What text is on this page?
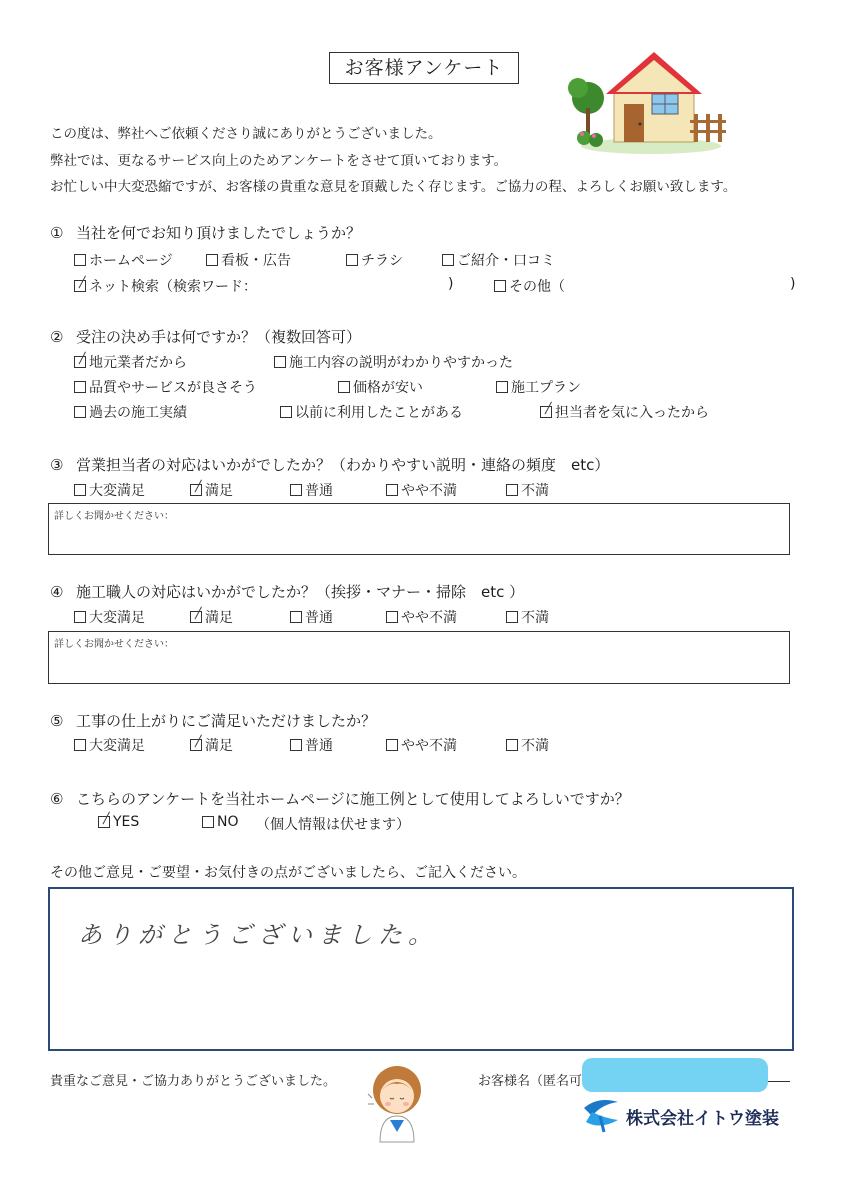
お客様アンケート
この度は、弊社へご依頼くださり誠にありがとうございました。
弊社では、更なるサービス向上のためアンケートをさせて頂いております。
お忙しい中大変恐縮ですが、お客様の貴重な意見を頂戴したく存じます。ご協力の程、よろしくお願い致します。
① 当社を何でお知り頂けましたでしょうか？
ホームページ	看板・広告	チラシ	ご紹介・口コミ
ネット検索（検索ワード：	)	その他（	)
② 受注の決め手は何ですか？（複数回答可）
地元業者だから	施工内容の説明がわかりやすかった
品質やサービスが良さそう	価格が安い	施工プラン
過去の施工実績	以前に利用したことがある	担当者を気に入ったから
③ 営業担当者の対応はいかがでしたか？（わかりやすい説明・連絡の頻度　etc）
大変満足	満足	普通	やや不満	不満
詳しくお聞かせください：
④ 施工職人の対応はいかがでしたか？（挨拶・マナー・掃除　etc ）
大変満足	満足	普通	やや不満	不満
詳しくお聞かせください：
⑤ 工事の仕上がりにご満足いただけましたか？
大変満足	満足	普通	やや不満	不満
⑥ こちらのアンケートを当社ホームページに施工例として使用してよろしいですか？
YES	NO （個人情報は伏せます）
その他ご意見・ご要望・お気付きの点がございましたら、ご記入ください。
ありがとうございました。
貴重なご意見・ご協力ありがとうございました。	お客様名（匿名可
株式会社イトウ塗装
